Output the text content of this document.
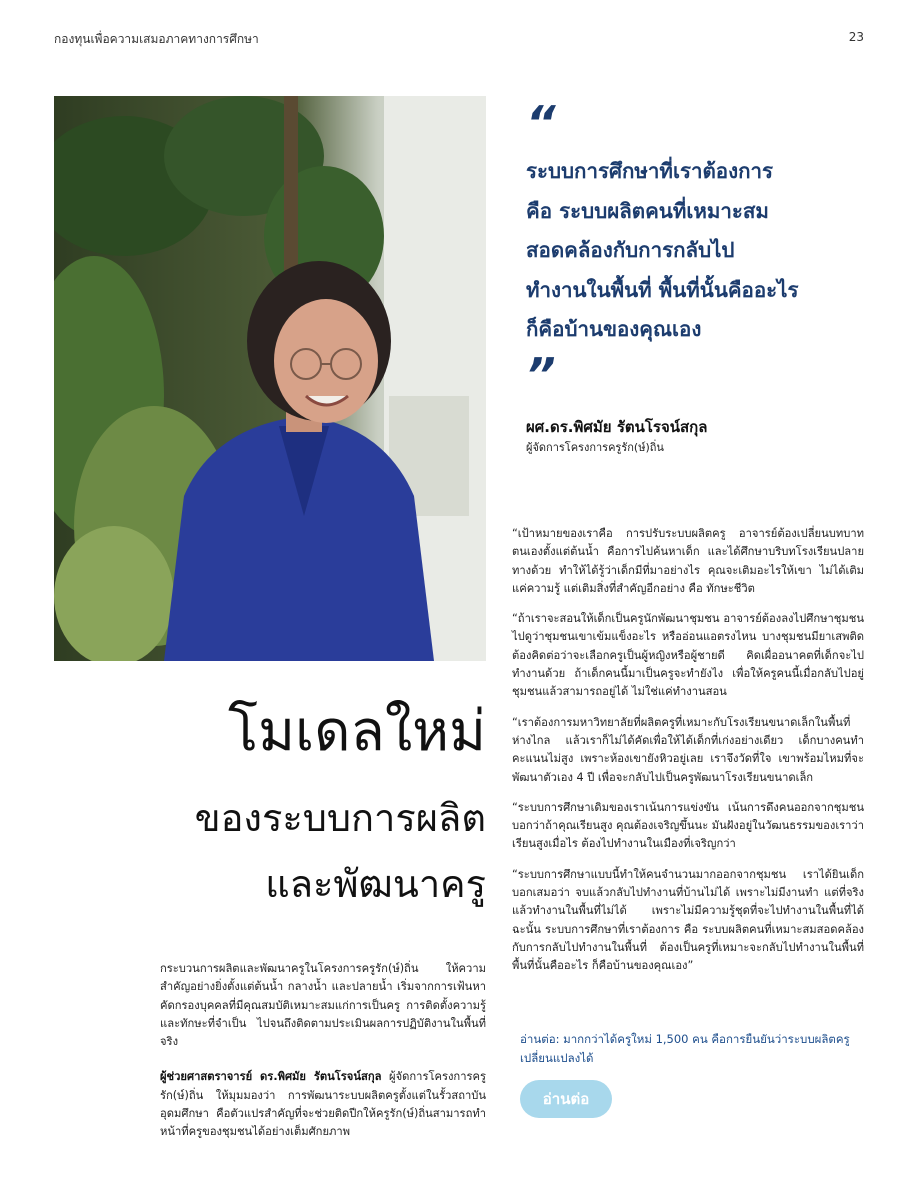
กองทุนเพื่อความเสมอภาคทางการศึกษา	23
“

ระบบการศึกษาที่เราต้องการ

คือ ระบบผลิตคนที่เหมาะสม

สอดคล้องกับการกลับไป

ทำงานในพื้นที่ พื้นที่นั้นคืออะไร

ก็คือบ้านของคุณเอง

”
ผศ.ดร.พิศมัย รัตนโรจน์สกุล
ผู้จัดการโครงการครูรัก(ษ์)ถิ่น
โมเดลใหม่
ของระบบการผลิต
และพัฒนาครู

กระบวนการผลิตและพัฒนาครูในโครงการครูรัก(ษ์)ถิ่น ให้ความสำคัญอย่างยิ่งตั้งแต่ต้นน้ำ กลางน้ำ และปลายน้ำ เริ่มจากการเฟ้นหาคัดกรองบุคคลที่มีคุณสมบัติเหมาะสมแก่การเป็นครู การติดตั้งความรู้และทักษะที่จำเป็น ไปจนถึงติดตามประเมินผลการปฏิบัติงานในพื้นที่จริง

ผู้ช่วยศาสตราจารย์ ดร.พิศมัย รัตนโรจน์สกุล ผู้จัดการโครงการครูรัก(ษ์)ถิ่น ให้มุมมองว่า การพัฒนาระบบผลิตครูตั้งแต่ในรั้วสถาบันอุดมศึกษา คือตัวแปรสำคัญที่จะช่วยติดปีกให้ครูรัก(ษ์)ถิ่นสามารถทำหน้าที่ครูของชุมชนได้อย่างเต็มศักยภาพ

“เป้าหมายของเราคือ การปรับระบบผลิตครู อาจารย์ต้องเปลี่ยนบทบาทตนเองตั้งแต่ต้นน้ำ คือการไปค้นหาเด็ก และได้ศึกษาบริบทโรงเรียนปลายทางด้วย ทำให้ได้รู้ว่าเด็กมีที่มาอย่างไร คุณจะเติมอะไรให้เขา ไม่ได้เติมแค่ความรู้ แต่เติมสิ่งที่สำคัญอีกอย่าง คือ ทักษะชีวิต

“ถ้าเราจะสอนให้เด็กเป็นครูนักพัฒนาชุมชน อาจารย์ต้องลงไปศึกษาชุมชน ไปดูว่าชุมชนเขาเข้มแข็งอะไร หรืออ่อนแอตรงไหน บางชุมชนมียาเสพติด ต้องคิดต่อว่าจะเลือกครูเป็นผู้หญิงหรือผู้ชายดี คิดเผื่ออนาคตที่เด็กจะไปทำงานด้วย ถ้าเด็กคนนี้มาเป็นครูจะทำยังไง เพื่อให้ครูคนนี้เมื่อกลับไปอยู่ชุมชนแล้วสามารถอยู่ได้ ไม่ใช่แค่ทำงานสอน

“เราต้องการมหาวิทยาลัยที่ผลิตครูที่เหมาะกับโรงเรียนขนาดเล็กในพื้นที่ห่างไกล แล้วเราก็ไม่ได้คัดเพื่อให้ได้เด็กที่เก่งอย่างเดียว เด็กบางคนทำคะแนนไม่สูง เพราะห้องเขายังหิวอยู่เลย เราจึงวัดที่ใจ เขาพร้อมไหมที่จะพัฒนาตัวเอง 4 ปี เพื่อจะกลับไปเป็นครูพัฒนาโรงเรียนขนาดเล็ก

“ระบบการศึกษาเดิมของเราเน้นการแข่งขัน เน้นการดึงคนออกจากชุมชน บอกว่าถ้าคุณเรียนสูง คุณต้องเจริญขึ้นนะ มันฝังอยู่ในวัฒนธรรมของเราว่า เรียนสูงเมื่อไร ต้องไปทำงานในเมืองที่เจริญกว่า

“ระบบการศึกษาแบบนี้ทำให้คนจำนวนมากออกจากชุมชน เราได้ยินเด็กบอกเสมอว่า จบแล้วกลับไปทำงานที่บ้านไม่ได้ เพราะไม่มีงานทำ แต่ที่จริงแล้วทำงานในพื้นที่ไม่ได้ เพราะไม่มีความรู้ชุดที่จะไปทำงานในพื้นที่ได้ ฉะนั้น ระบบการศึกษาที่เราต้องการ คือ ระบบผลิตคนที่เหมาะสมสอดคล้องกับการกลับไปทำงานในพื้นที่ ต้องเป็นครูที่เหมาะจะกลับไปทำงานในพื้นที่ พื้นที่นั้นคืออะไร ก็คือบ้านของคุณเอง”

อ่านต่อ: มากกว่าได้ครูใหม่ 1,500 คน คือการยืนยันว่าระบบผลิตครูเปลี่ยนแปลงได้
อ่านต่อ
